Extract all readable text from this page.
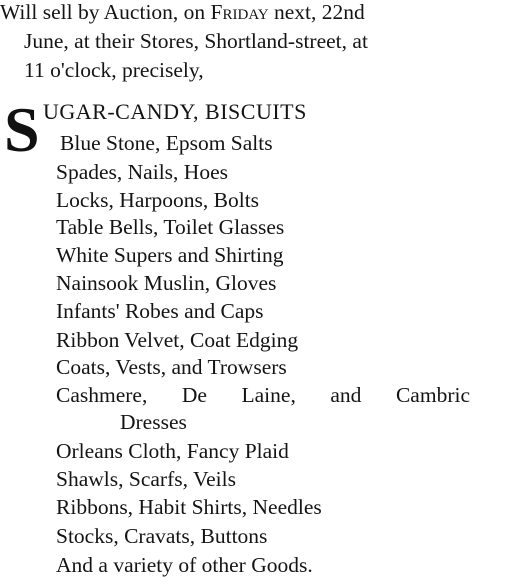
Will sell by Auction, on Friday next, 22nd
June, at their Stores, Shortland-street, at
11 o'clock, precisely,
S UGAR-CANDY, BISCUITS
Blue Stone, Epsom Salts
Spades, Nails, Hoes
Locks, Harpoons, Bolts
Table Bells, Toilet Glasses
White Supers and Shirting
Nainsook Muslin, Gloves
Infants' Robes and Caps
Ribbon Velvet, Coat Edging
Coats, Vests, and Trowsers
Cashmere, De Laine, and Cambric
Dresses
Orleans Cloth, Fancy Plaid
Shawls, Scarfs, Veils
Ribbons, Habit Shirts, Needles
Stocks, Cravats, Buttons
And a variety of other Goods.
